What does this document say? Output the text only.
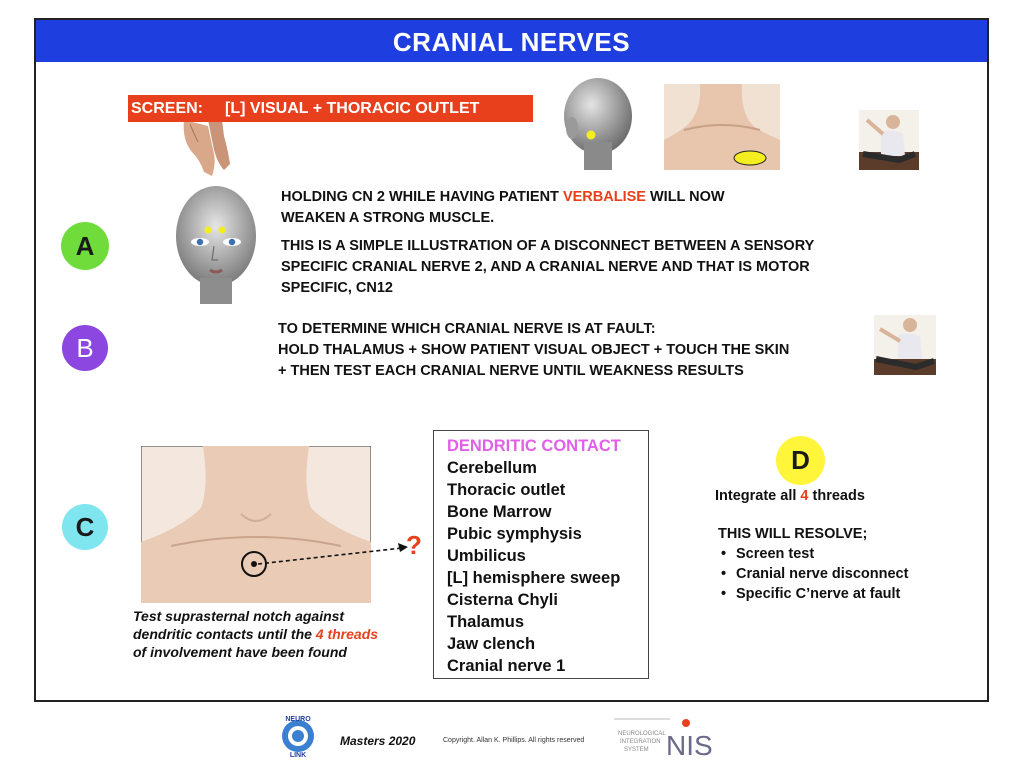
CRANIAL NERVES
SCREEN: [L] VISUAL + THORACIC OUTLET
A
HOLDING CN 2 WHILE HAVING PATIENT VERBALISE WILL NOW WEAKEN A STRONG MUSCLE.
THIS IS A SIMPLE ILLUSTRATION OF A DISCONNECT BETWEEN A SENSORY SPECIFIC CRANIAL NERVE 2, AND A CRANIAL NERVE AND THAT IS MOTOR SPECIFIC, CN12
B
TO DETERMINE WHICH CRANIAL NERVE IS AT FAULT:
HOLD THALAMUS + SHOW PATIENT VISUAL OBJECT + TOUCH THE SKIN
+ THEN TEST EACH CRANIAL NERVE UNTIL WEAKNESS RESULTS
C
?
Test suprasternal notch against dendritic contacts until the 4 threads of involvement have been found
DENDRITIC CONTACT
Cerebellum
Thoracic outlet
Bone Marrow
Pubic symphysis
Umbilicus
[L] hemisphere sweep
Cisterna Chyli
Thalamus
Jaw clench
Cranial nerve 1
D
Integrate all 4 threads
THIS WILL RESOLVE;
• Screen test
• Cranial nerve disconnect
• Specific C’nerve at fault
NEURO
LINK
Masters 2020	Copyright. Allan K. Phillips. All rights reserved
NEUROLOGICAL
INTEGRATION
SYSTEM NIS
